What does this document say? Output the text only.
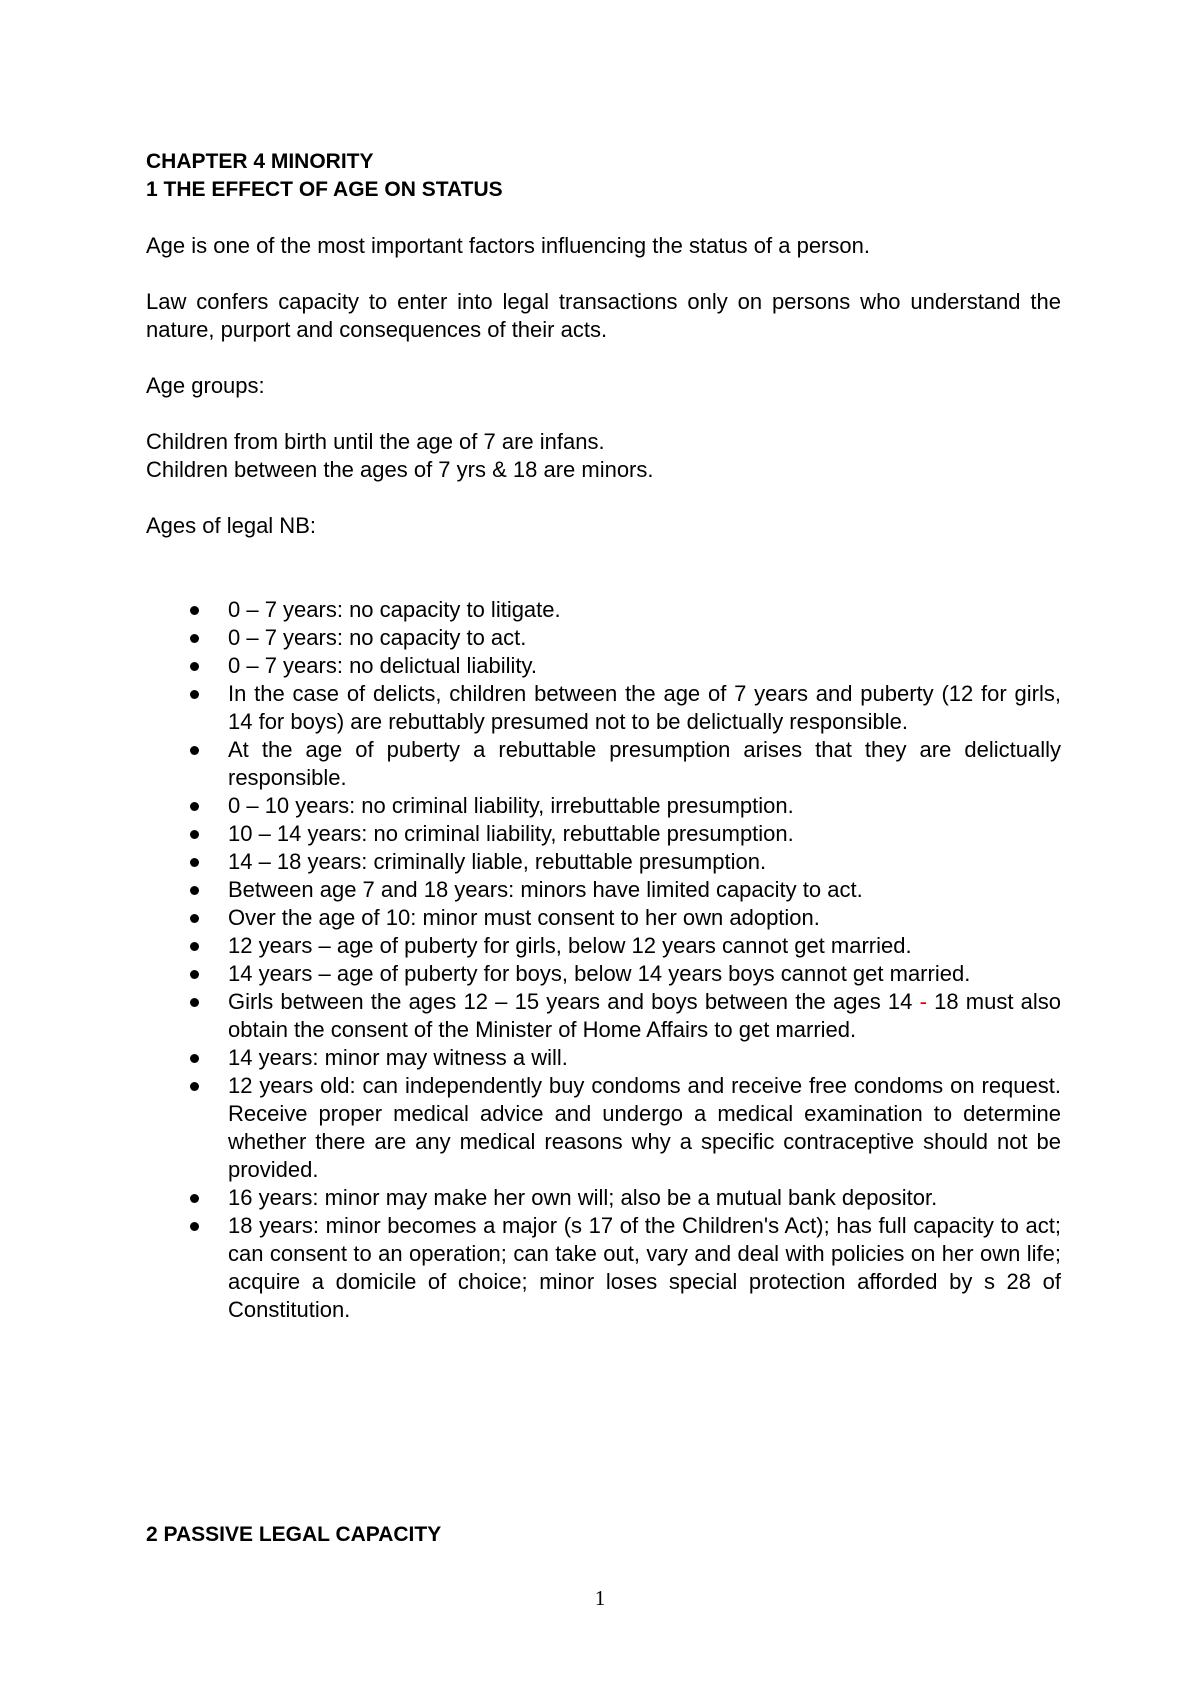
CHAPTER 4 MINORITY
1 THE EFFECT OF AGE ON STATUS

Age is one of the most important factors influencing the status of a person.

Law confers capacity to enter into legal transactions only on persons who understand the nature, purport and consequences of their acts.

Age groups:

Children from birth until the age of 7 are infans.

Children between the ages of 7 yrs & 18 are minors.

Ages of legal NB:

0 – 7 years: no capacity to litigate.
0 – 7 years: no capacity to act.
0 – 7 years: no delictual liability.
In the case of delicts, children between the age of 7 years and puberty (12 for girls, 14 for boys) are rebuttably presumed not to be delictually responsible.
At the age of puberty a rebuttable presumption arises that they are delictually responsible.
0 – 10 years: no criminal liability, irrebuttable presumption.
10 – 14 years: no criminal liability, rebuttable presumption.
14 – 18 years: criminally liable, rebuttable presumption.
Between age 7 and 18 years: minors have limited capacity to act.
Over the age of 10: minor must consent to her own adoption.
12 years – age of puberty for girls, below 12 years cannot get married.
14 years – age of puberty for boys, below 14 years boys cannot get married.
Girls between the ages 12 – 15 years and boys between the ages 14 - 18 must also obtain the consent of the Minister of Home Affairs to get married.
14 years: minor may witness a will.
12 years old: can independently buy condoms and receive free condoms on request. Receive proper medical advice and undergo a medical examination to determine whether there are any medical reasons why a specific contraceptive should not be provided.
16 years: minor may make her own will; also be a mutual bank depositor.
18 years: minor becomes a major (s 17 of the Children's Act); has full capacity to act; can consent to an operation; can take out, vary and deal with policies on her own life; acquire a domicile of choice; minor loses special protection afforded by s 28 of Constitution.
2 PASSIVE LEGAL CAPACITY
1
